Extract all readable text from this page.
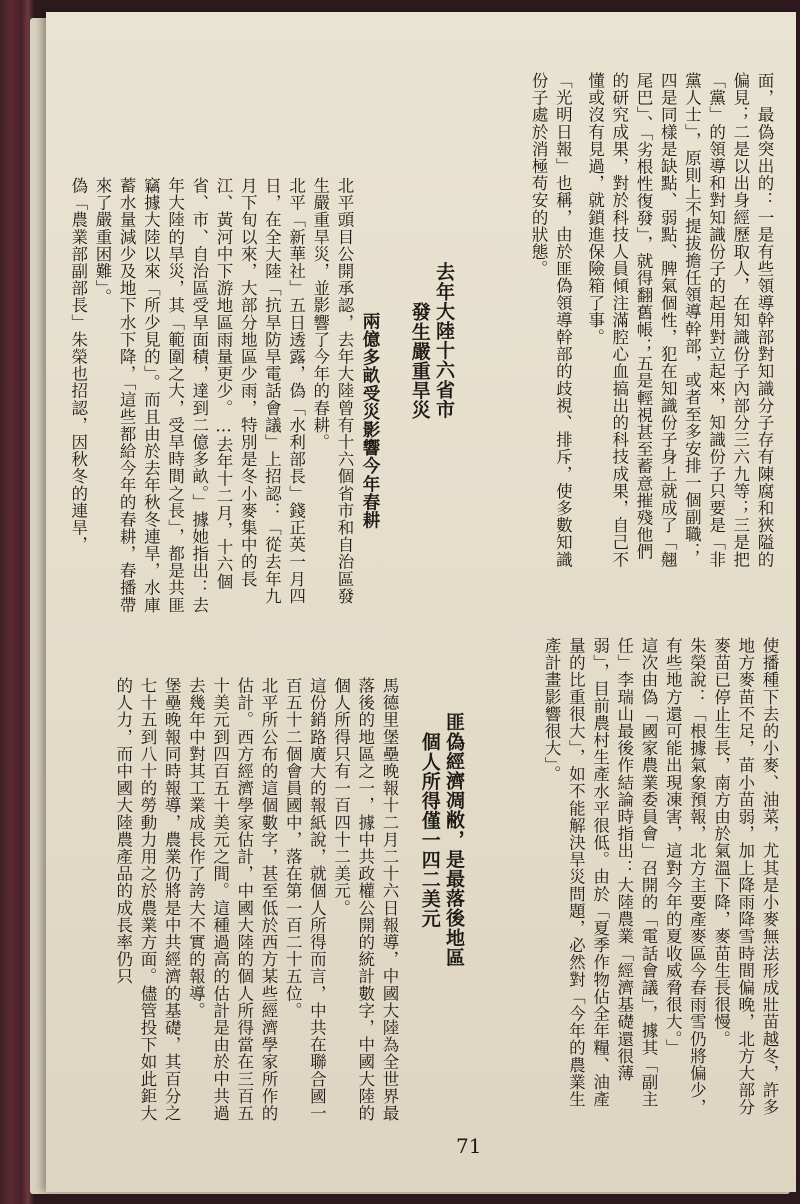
面，最偽突出的：一是有些領導幹部對知識分子存有陳腐和狹隘的偏見；二是以出身經歷取人，在知識份子內部分三六九等；三是把「黨」的領導和對知識份子的起用對立起來，知識份子只要是「非黨人士」，原則上不提拔擔任領導幹部，或者至多安排一個副職；四是同樣是缺點、弱點、脾氣個性，犯在知識份子身上就成了「翹尾巴」、「劣根性復發」，就得翻舊帳；五是輕視甚至蓄意摧殘他們的研究成果，對於科技人員傾注滿腔心血搞出的科技成果，自己不懂或沒有見過，就鎖進保險箱了事。

「光明日報」也稱，由於匪偽領導幹部的歧視、排斥，使多數知識份子處於消極苟安的狀態。

去年大陸十六省市

發生嚴重旱災

兩億多畝受災影響今年春耕

北平頭目公開承認，去年大陸曾有十六個省市和自治區發生嚴重旱災，並影響了今年的春耕。

北平「新華社」五日透露，偽「水利部長」錢正英一月四日，在全大陸「抗旱防旱電話會議」上招認：「從去年九月下旬以來，大部分地區少雨，特別是冬小麥集中的長江、黃河中下游地區雨量更少。…去年十二月，十六個省、市、自治區受旱面積，達到二億多畝。」據她指出：去年大陸的旱災，其「範圍之大，受旱時間之長」，都是共匪竊據大陸以來「所少見的」。而且由於去年秋冬連旱，水庫蓄水量減少及地下水下降，「這些都給今年的春耕，春播帶來了嚴重困難」。

偽「農業部副部長」朱榮也招認，因秋冬的連旱，

使播種下去的小麥、油菜，尤其是小麥無法形成壯苗越冬，許多地方麥苗不足，苗小苗弱，加上降雨降雪時間偏晚，北方大部分麥苗已停止生長，南方由於氣溫下降，麥苗生長很慢。

朱榮說：「根據氣象預報，北方主要產麥區今春雨雪仍將偏少，有些地方還可能出現凍害，這對今年的夏收威脅很大。」

這次由偽「國家農業委員會」召開的「電話會議」，據其「副主任」李瑞山最後作結論時指出：大陸農業「經濟基礎還很薄弱」，目前農村生產水平很低。由於「夏季作物佔全年糧、油產量的比重很大」，如不能解決旱災問題，必然對「今年的農業生產計畫影響很大」。

匪偽經濟凋敝，是最落後地區

個人所得僅一四二美元

馬德里堡壘晚報十二月二十六日報導，中國大陸為全世界最落後的地區之一，據中共政權公開的統計數字，中國大陸的個人所得只有一百四十二美元。

這份銷路廣大的報紙說，就個人所得而言，中共在聯合國一百五十二個會員國中，落在第一百二十五位。

北平所公布的這個數字，甚至低於西方某些經濟學家所作的估計。西方經濟學家估計，中國大陸的個人所得當在三百五十美元到四百五十美元之間。這種過高的估計是由於中共過去幾年中對其工業成長作了誇大不實的報導。

堡壘晚報同時報導，農業仍將是中共經濟的基礎，其百分之七十五到八十的勞動力用之於農業方面。儘管投下如此鉅大的人力，而中國大陸農產品的成長率仍只

71
